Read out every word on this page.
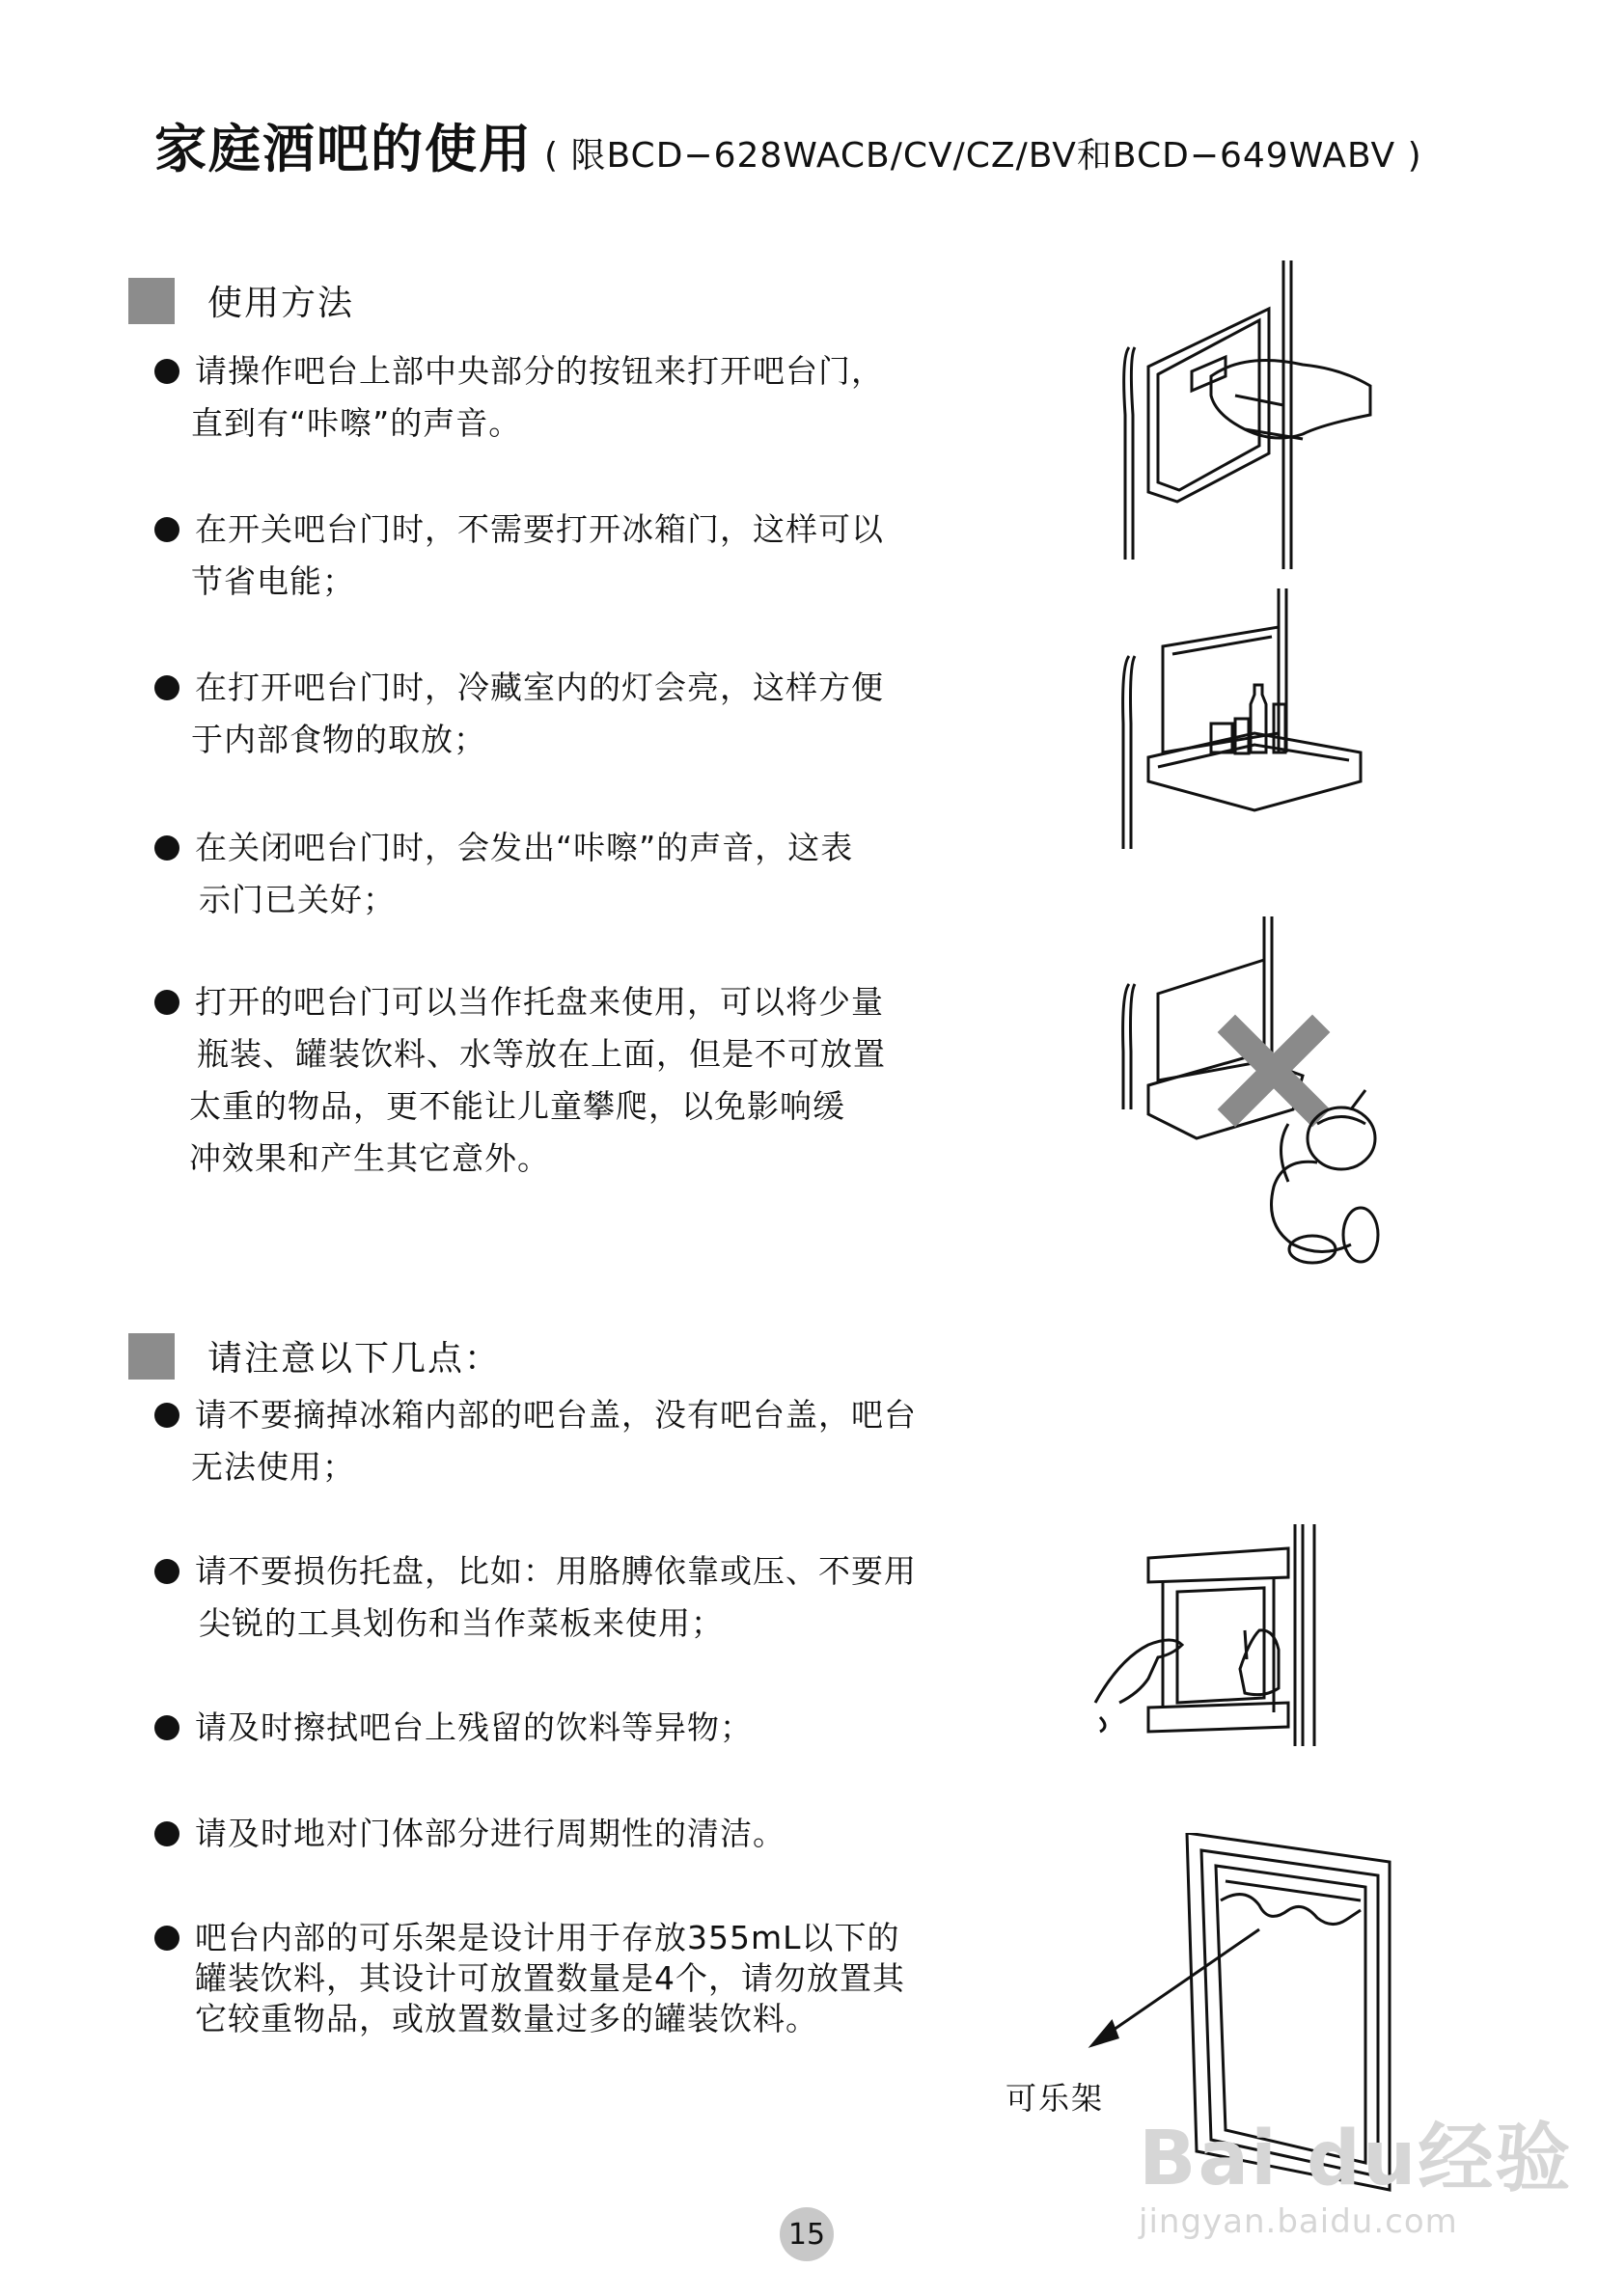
家庭酒吧的使用 ( 限BCD−628WACB/CV/CZ/BV和BCD−649WABV )
使用方法
请操作吧台上部中央部分的按钮来打开吧台门，
直到有“咔嚓”的声音。
在开关吧台门时，不需要打开冰箱门，这样可以
节省电能；
在打开吧台门时，冷藏室内的灯会亮，这样方便
于内部食物的取放；
在关闭吧台门时，会发出“咔嚓”的声音，这表
示门已关好；
打开的吧台门可以当作托盘来使用，可以将少量
瓶装、罐装饮料、水等放在上面，但是不可放置
太重的物品，更不能让儿童攀爬，以免影响缓
冲效果和产生其它意外。
请注意以下几点：
请不要摘掉冰箱内部的吧台盖，没有吧台盖，吧台
无法使用；
请不要损伤托盘，比如：用胳膊依靠或压、不要用
尖锐的工具划伤和当作菜板来使用；
请及时擦拭吧台上残留的饮料等异物；
请及时地对门体部分进行周期性的清洁。
吧台内部的可乐架是设计用于存放355mL以下的
罐装饮料，其设计可放置数量是4个，请勿放置其
它较重物品，或放置数量过多的罐装饮料。
可乐架
15
Bai du经验
jingyan.baidu.com
